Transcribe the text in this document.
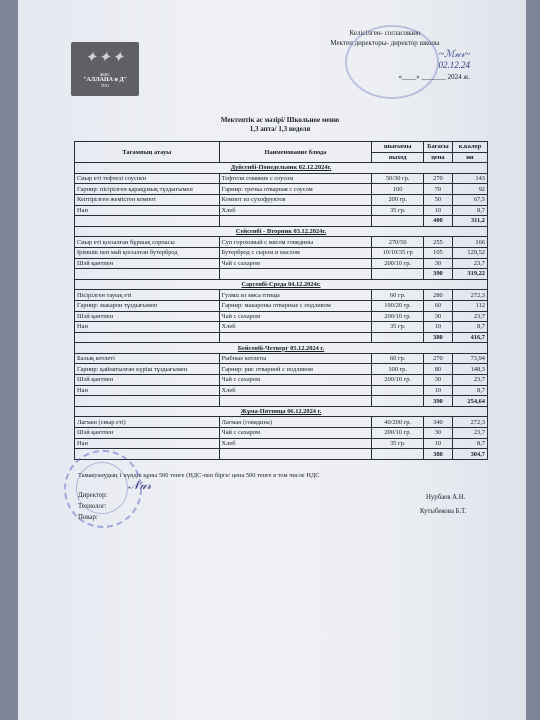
✦✦✦
ЖШС
"АЛЛАНА и Д"
ТОО
Келісілген- согласовано
Мектеп директоры- директор школы
~ℳ𝓊𝓇~
02.12.24
«____» _______ 2024 ж.
Мектептік ас мәзірі/ Школьное меню
1,3 апта/ 1,3 неделя
Тағамның атауы	Наименование блюда	шығымы	Бағасы	к.калор
		выход	цена	ии
Дүйсенбі-Понедельник 02.12.2024г.				
Сиыр еті тефтелі соуспен	Тефтели говяжие с соусом	50/30 гр.	270	143
Гарнир: пісірілген қарақұмық тұздығымен	Гарнир: гречка отварная с соусом	100	70	92
Кептірілген жемістен компот	Компот из сухофруктов	200 гр.	50	67,5
Нан	Хлеб	35 гр.	10	8,7
			400	311,2
Сейсенбі - Вторник 03.12.2024г.				
Сиыр еті қосылған бұршақ сорпасы	Суп гороховый с мясом говядины	270/50	255	166
Ірімшік пен май қосылған бутерброд	Бутерброд с сыром и маслом	10/10/35 гр	105	129,52
Шэй қантпен	Чай с сахаром	200/10 гр.	30	23,7
			390	319,22
Сәрсенбі-Среда 04.12.2024г.				
Пісірілген тауық еті	Гуляш из мяса птицы	60 гр.	280	272,3
Гарнир: макарон тұздығымен	Гарнир: макароны отварные с подливом	100/20 гр.	60	112
Шэй қантпен	Чай с сахаром	200/10 гр.	30	23,7
Нан	Хлеб	35 гр.	10	8,7
			380	416,7
Бейсенбі-Четверг 05.12.2024 г.				
Балық котлеті	Рыбные котлеты	60 гр.	270	73,94
Гарнир: қайнатылған күріш тұздығымен	Гарнир: рис отварной с подливом	100 гр.	80	148,3
Шэй қантпен	Чай с сахаром	200/10 гр.	30	23,7
Нан	Хлеб		10	8,7
			390	254,64
Жұма-Пятница 06.12.2024 г.				
Лагман (сиыр еті)	Лагман (говядина)	40/200 гр.	340	272,3
Шэй қантпен	Чай с сахаром	200/10 гр.	30	23,7
Нан	Хлеб	35 гр.	10	8,7
			380	304,7
Тамақтанудың 1 күндік құны 500 тенге (НДС-пен бірге/ цена 500 тенге в том числе НДС
𝒩𝓊𝓇
Директор:
Технолог:
Повар:
Нурбаев А.Н.
Кутыбекова Б.Т.
